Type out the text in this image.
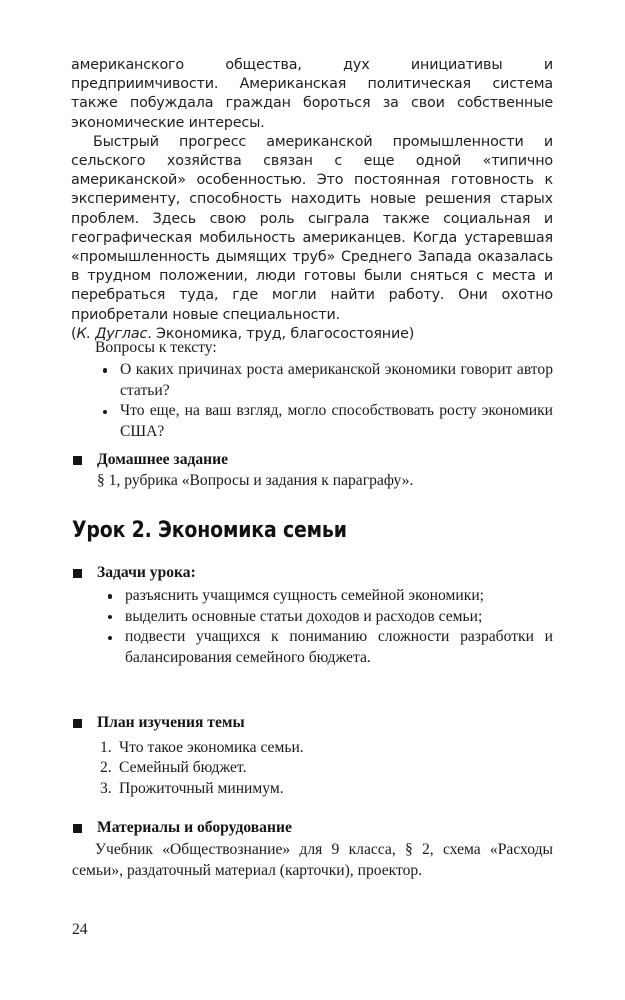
американского общества, дух инициативы и предприимчивости. Американская политическая система также побуждала граждан бороться за свои собственные экономические интересы.

Быстрый прогресс американской промышленности и сельского хозяйства связан с еще одной «типично американской» особенностью. Это постоянная готовность к эксперименту, способность находить новые решения старых проблем. Здесь свою роль сыграла также социальная и географическая мобильность американцев. Когда устаревшая «промышленность дымящих труб» Среднего Запада оказалась в трудном положении, люди готовы были сняться с места и перебраться туда, где могли найти работу. Они охотно приобретали новые специальности.

(К. Дуглас. Экономика, труд, благосостояние)

Вопросы к тексту:
О каких причинах роста американской экономики говорит автор статьи?
Что еще, на ваш взгляд, могло способствовать росту экономики США?
Домашнее задание
§ 1, рубрика «Вопросы и задания к параграфу».
Урок 2. Экономика семьи
Задачи урока:
разъяснить учащимся сущность семейной экономики;
выделить основные статьи доходов и расходов семьи;
подвести учащихся к пониманию сложности разработки и балансирования семейного бюджета.
План изучения темы
1. Что такое экономика семьи.
2. Семейный бюджет.
3. Прожиточный минимум.
Материалы и оборудование
Учебник «Обществознание» для 9 класса, § 2, схема «Расходы семьи», раздаточный материал (карточки), проектор.
24
